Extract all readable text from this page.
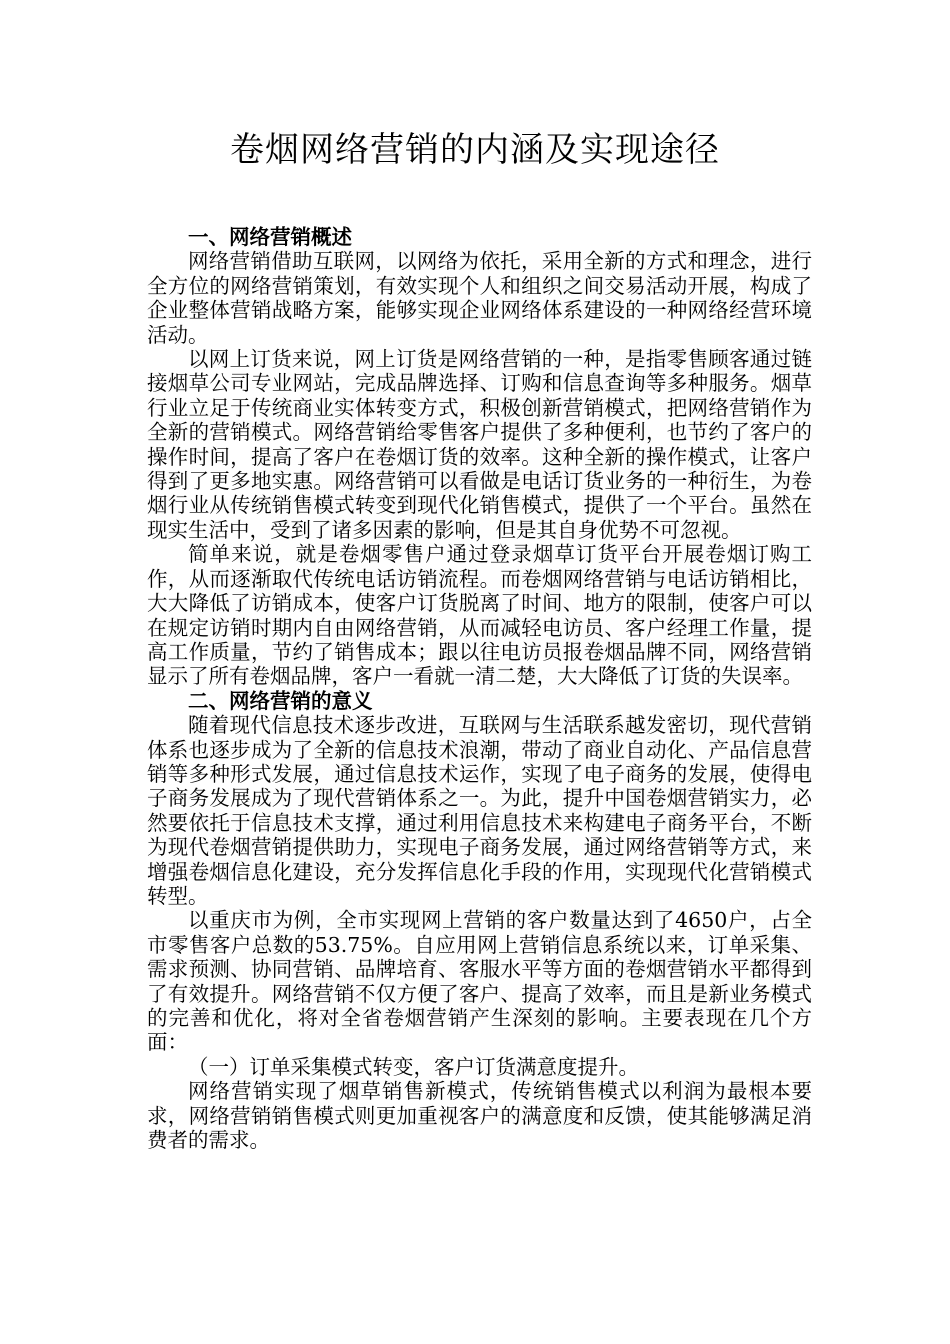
卷烟网络营销的内涵及实现途径
一、网络营销概述

网络营销借助互联网，以网络为依托，采用全新的方式和理念，进行全方位的网络营销策划，有效实现个人和组织之间交易活动开展，构成了企业整体营销战略方案，能够实现企业网络体系建设的一种网络经营环境活动。

以网上订货来说，网上订货是网络营销的一种，是指零售顾客通过链接烟草公司专业网站，完成品牌选择、订购和信息查询等多种服务。烟草行业立足于传统商业实体转变方式，积极创新营销模式，把网络营销作为全新的营销模式。网络营销给零售客户提供了多种便利，也节约了客户的操作时间，提高了客户在卷烟订货的效率。这种全新的操作模式，让客户得到了更多地实惠。网络营销可以看做是电话订货业务的一种衍生，为卷烟行业从传统销售模式转变到现代化销售模式，提供了一个平台。虽然在现实生活中，受到了诸多因素的影响，但是其自身优势不可忽视。

简单来说，就是卷烟零售户通过登录烟草订货平台开展卷烟订购工作，从而逐渐取代传统电话访销流程。而卷烟网络营销与电话访销相比，大大降低了访销成本，使客户订货脱离了时间、地方的限制，使客户可以在规定访销时期内自由网络营销，从而减轻电访员、客户经理工作量，提高工作质量，节约了销售成本；跟以往电访员报卷烟品牌不同，网络营销显示了所有卷烟品牌，客户一看就一清二楚，大大降低了订货的失误率。

二、网络营销的意义

随着现代信息技术逐步改进，互联网与生活联系越发密切，现代营销体系也逐步成为了全新的信息技术浪潮，带动了商业自动化、产品信息营销等多种形式发展，通过信息技术运作，实现了电子商务的发展，使得电子商务发展成为了现代营销体系之一。为此，提升中国卷烟营销实力，必然要依托于信息技术支撑，通过利用信息技术来构建电子商务平台，不断为现代卷烟营销提供助力，实现电子商务发展，通过网络营销等方式，来增强卷烟信息化建设，充分发挥信息化手段的作用，实现现代化营销模式转型。

以重庆市为例，全市实现网上营销的客户数量达到了4650户，占全市零售客户总数的53.75%。自应用网上营销信息系统以来，订单采集、需求预测、协同营销、品牌培育、客服水平等方面的卷烟营销水平都得到了有效提升。网络营销不仅方便了客户、提高了效率，而且是新业务模式的完善和优化，将对全省卷烟营销产生深刻的影响。主要表现在几个方面：

（一）订单采集模式转变，客户订货满意度提升。

网络营销实现了烟草销售新模式，传统销售模式以利润为最根本要求，网络营销销售模式则更加重视客户的满意度和反馈，使其能够满足消费者的需求。
